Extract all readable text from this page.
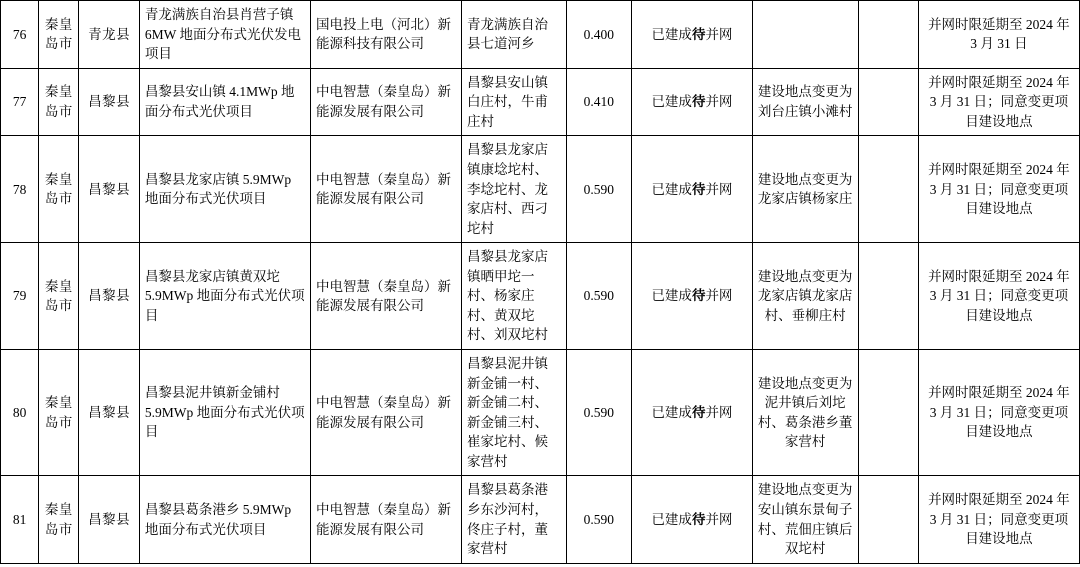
76	秦皇岛市	青龙县	青龙满族自治县肖营子镇 6MW 地面分布式光伏发电项目	国电投上电（河北）新能源科技有限公司	青龙满族自治县七道河乡	0.400	已建成待并网			并网时限延期至 2024 年 3 月 31 日
77	秦皇岛市	昌黎县	昌黎县安山镇 4.1MWp 地面分布式光伏项目	中电智慧（秦皇岛）新能源发展有限公司	昌黎县安山镇白庄村，牛甫庄村	0.410	已建成待并网	建设地点变更为刘台庄镇小滩村		并网时限延期至 2024 年 3 月 31 日；同意变更项目建设地点
78	秦皇岛市	昌黎县	昌黎县龙家店镇 5.9MWp 地面分布式光伏项目	中电智慧（秦皇岛）新能源发展有限公司	昌黎县龙家店镇康埝坨村、李埝坨村、龙家店村、西刁坨村	0.590	已建成待并网	建设地点变更为龙家店镇杨家庄		并网时限延期至 2024 年 3 月 31 日；同意变更项目建设地点
79	秦皇岛市	昌黎县	昌黎县龙家店镇黄双坨 5.9MWp 地面分布式光伏项目	中电智慧（秦皇岛）新能源发展有限公司	昌黎县龙家店镇晒甲坨一村、杨家庄村、黄双坨村、刘双坨村	0.590	已建成待并网	建设地点变更为龙家店镇龙家店村、垂柳庄村		并网时限延期至 2024 年 3 月 31 日；同意变更项目建设地点
80	秦皇岛市	昌黎县	昌黎县泥井镇新金铺村 5.9MWp 地面分布式光伏项目	中电智慧（秦皇岛）新能源发展有限公司	昌黎县泥井镇新金铺一村、新金铺二村、新金铺三村、崔家坨村、候家营村	0.590	已建成待并网	建设地点变更为泥井镇后刘坨村、葛条港乡董家营村		并网时限延期至 2024 年 3 月 31 日；同意变更项目建设地点
81	秦皇岛市	昌黎县	昌黎县葛条港乡 5.9MWp 地面分布式光伏项目	中电智慧（秦皇岛）新能源发展有限公司	昌黎县葛条港乡东沙河村，佟庄子村，董家营村	0.590	已建成待并网	建设地点变更为安山镇东景甸子村、荒佃庄镇后双坨村		并网时限延期至 2024 年 3 月 31 日；同意变更项目建设地点
